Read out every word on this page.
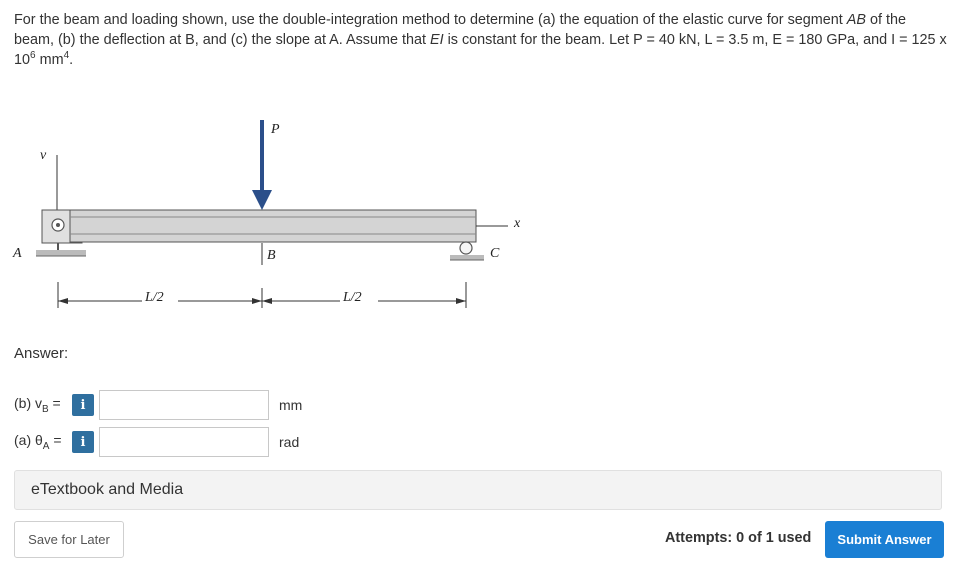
For the beam and loading shown, use the double-integration method to determine (a) the equation of the elastic curve for segment AB of the beam, (b) the deflection at B, and (c) the slope at A. Assume that EI is constant for the beam. Let P = 40 kN, L = 3.5 m, E = 180 GPa, and I = 125 x $10^6$ $mm^4$.
P
v
x
A	B	C
L/2	L/2
Answer:
(b) $v_B$ =	i	mm
(a) $\theta_A$ =	i	rad
eTextbook and Media
Save for Later	Attempts: 0 of 1 used	Submit Answer
